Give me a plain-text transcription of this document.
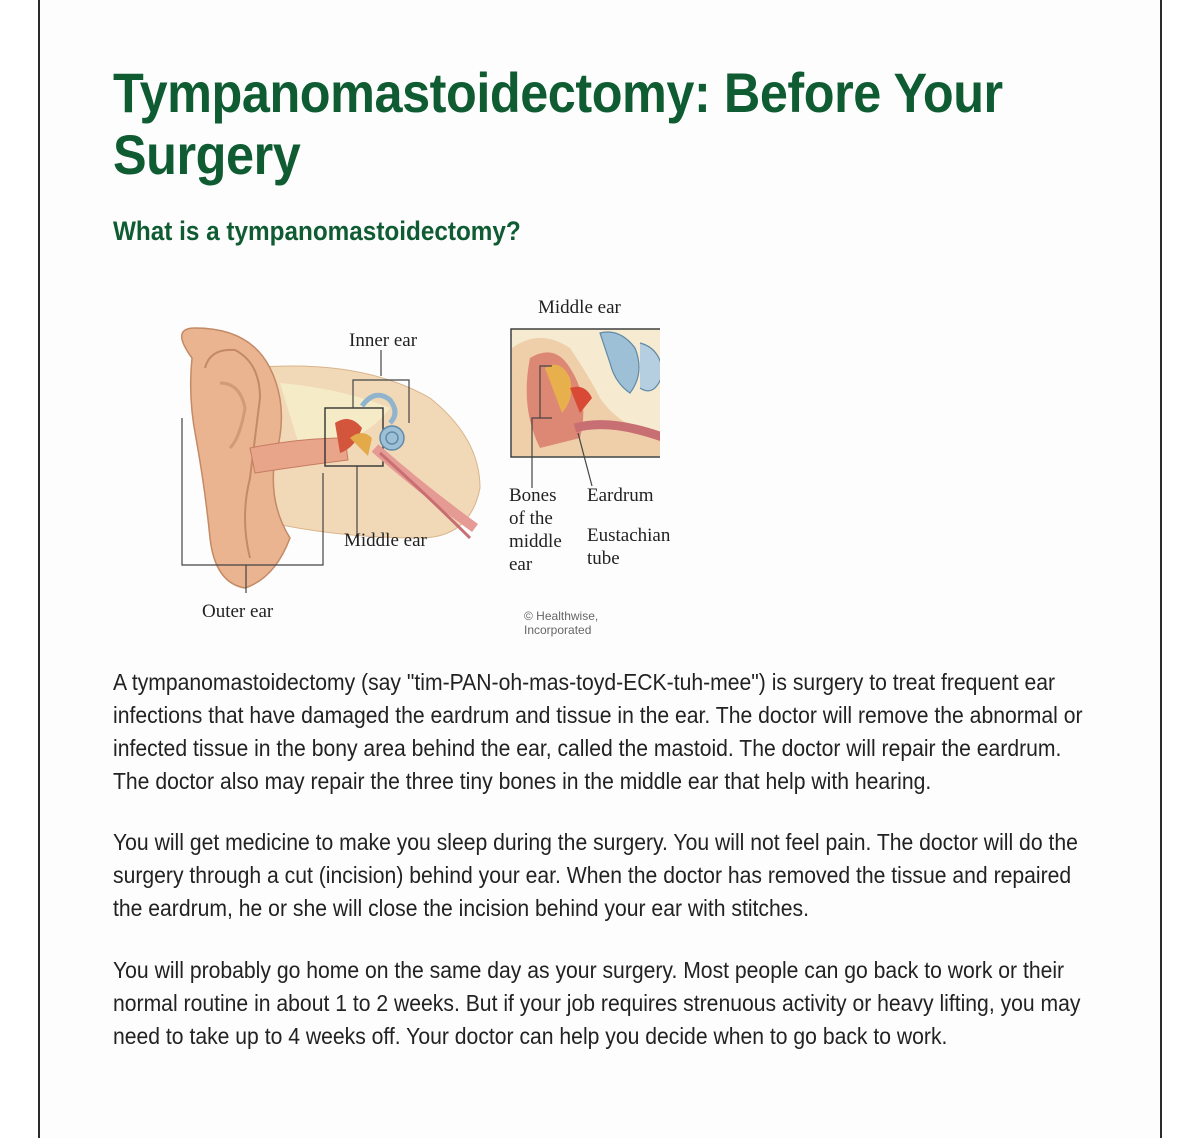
Tympanomastoidectomy: Before Your Surgery
What is a tympanomastoidectomy?
Inner ear
Middle ear
Outer ear
Middle ear
Bones
of the
middle
ear
Eardrum
Eustachian
tube
© Healthwise, Incorporated

A tympanomastoidectomy (say "tim-PAN-oh-mas-toyd-ECK-tuh-mee") is surgery to treat frequent ear infections that have damaged the eardrum and tissue in the ear. The doctor will remove the abnormal or infected tissue in the bony area behind the ear, called the mastoid. The doctor will repair the eardrum. The doctor also may repair the three tiny bones in the middle ear that help with hearing.

You will get medicine to make you sleep during the surgery. You will not feel pain. The doctor will do the surgery through a cut (incision) behind your ear. When the doctor has removed the tissue and repaired the eardrum, he or she will close the incision behind your ear with stitches.

You will probably go home on the same day as your surgery. Most people can go back to work or their normal routine in about 1 to 2 weeks. But if your job requires strenuous activity or heavy lifting, you may need to take up to 4 weeks off. Your doctor can help you decide when to go back to work.
